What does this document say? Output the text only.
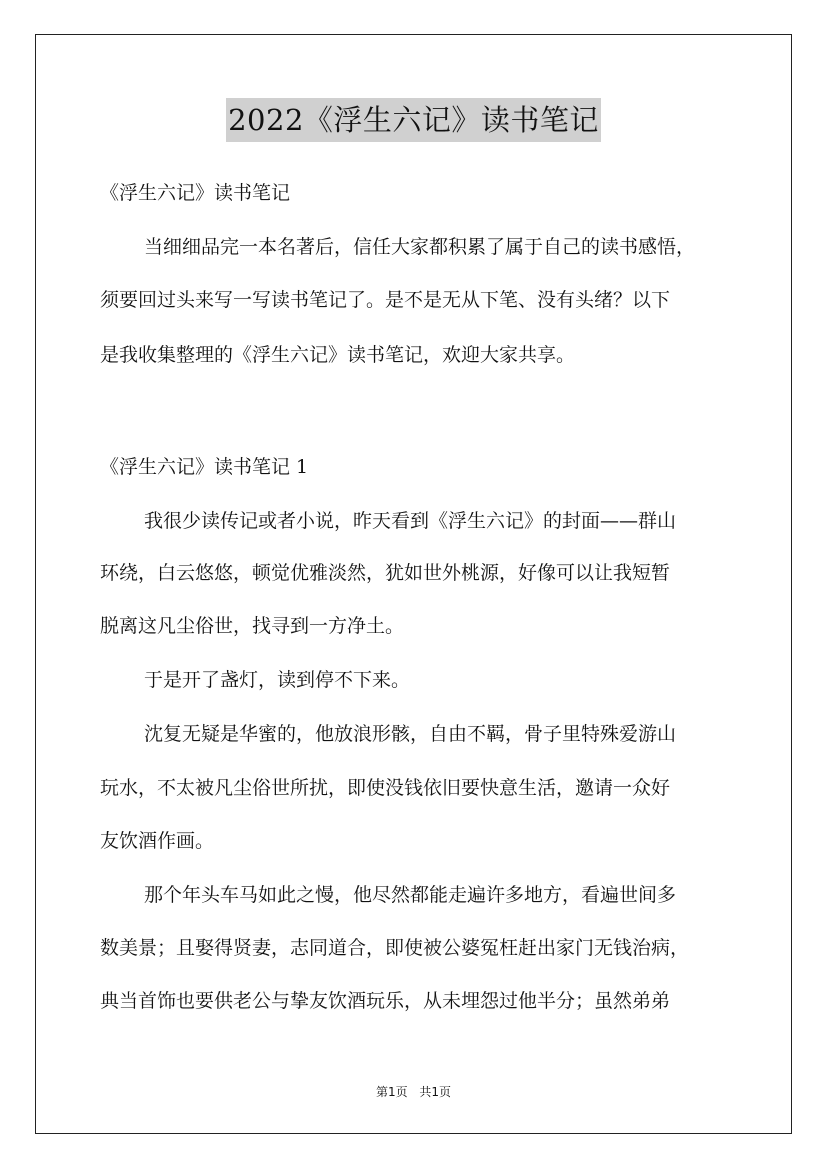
2022《浮生六记》读书笔记

《浮生六记》读书笔记

当细细品完一本名著后，信任大家都积累了属于自己的读书感悟，

须要回过头来写一写读书笔记了。是不是无从下笔、没有头绪？以下

是我收集整理的《浮生六记》读书笔记，欢迎大家共享。

《浮生六记》读书笔记 1

我很少读传记或者小说，昨天看到《浮生六记》的封面——群山

环绕，白云悠悠，顿觉优雅淡然，犹如世外桃源，好像可以让我短暂

脱离这凡尘俗世，找寻到一方净土。

于是开了盏灯，读到停不下来。

沈复无疑是华蜜的，他放浪形骸，自由不羁，骨子里特殊爱游山

玩水，不太被凡尘俗世所扰，即使没钱依旧要快意生活，邀请一众好

友饮酒作画。

那个年头车马如此之慢，他尽然都能走遍许多地方，看遍世间多

数美景；且娶得贤妻，志同道合，即使被公婆冤枉赶出家门无钱治病，

典当首饰也要供老公与挚友饮酒玩乐，从未埋怨过他半分；虽然弟弟

第1页 共1页
